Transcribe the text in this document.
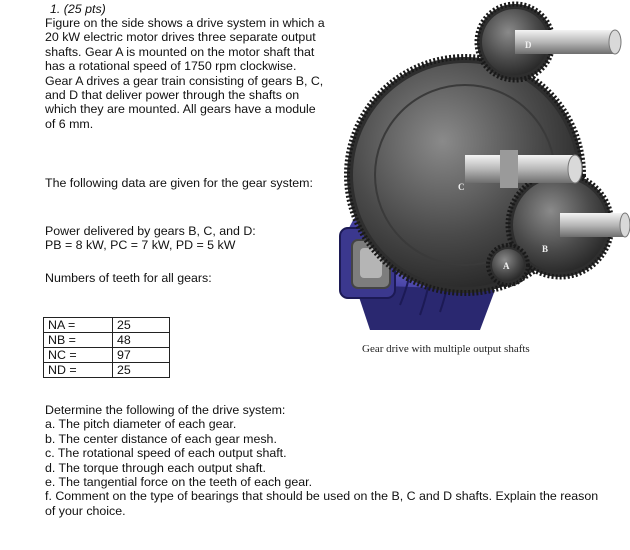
1. (25 pts)
Figure on the side shows a drive system in which a 20 kW electric motor drives three separate output shafts. Gear A is mounted on the motor shaft that has a rotational speed of 1750 rpm clockwise. Gear A drives a gear train consisting of gears B, C, and D that deliver power through the shafts on which they are mounted. All gears have a module of 6 mm.
The following data are given for the gear system:
Power delivered by gears B, C, and D:
PB = 8 kW, PC = 7 kW, PD = 5 kW
Numbers of teeth for all gears:
NA =	25
NB =	48
NC =	97
ND =	25
Determine the following of the drive system:
a. The pitch diameter of each gear.
b. The center distance of each gear mesh.
c. The rotational speed of each output shaft.
d. The torque through each output shaft.
e. The tangential force on the teeth of each gear.
f. Comment on the type of bearings that should be used on the B, C and D shafts. Explain the reason of your choice.
D
C
B
A
Gear drive with multiple output shafts
